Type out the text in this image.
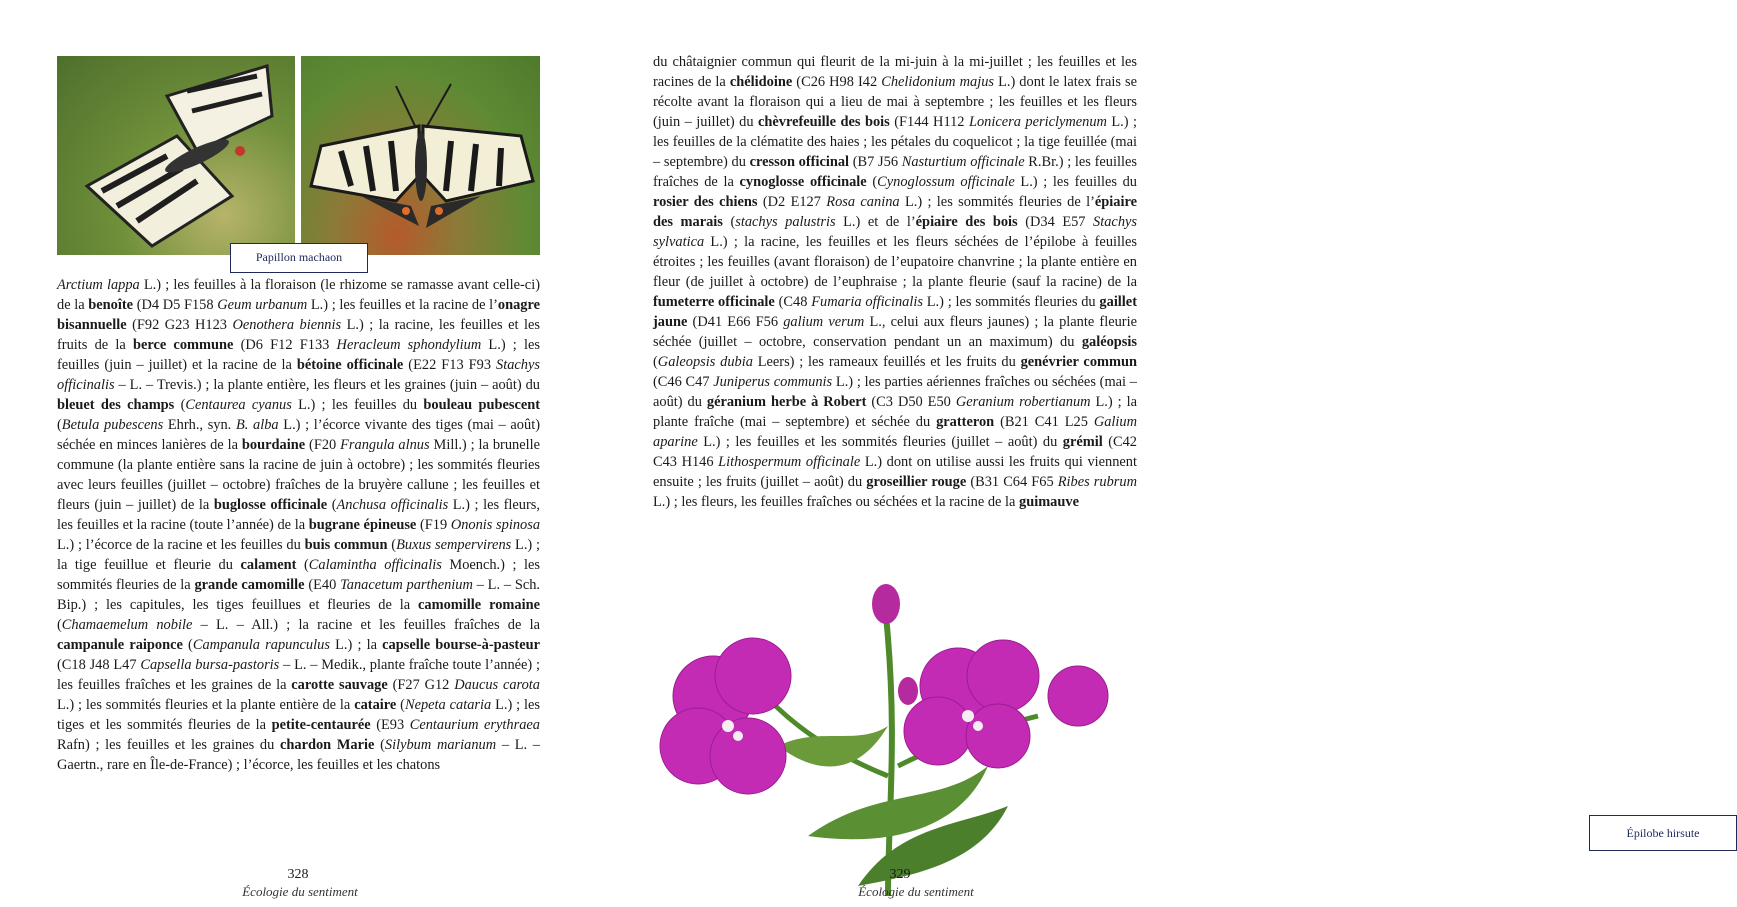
Papillon machaon
Arctium lappa L.) ; les feuilles à la floraison (le rhizome se ramasse avant celle-ci) de la benoîte (D4 D5 F158 Geum urbanum L.) ; les feuilles et la racine de l’onagre bisannuelle (F92 G23 H123 Oenothera biennis L.) ; la racine, les feuilles et les fruits de la berce commune (D6 F12 F133 Heracleum sphondylium L.) ; les feuilles (juin – juillet) et la racine de la bétoine officinale (E22 F13 F93 Stachys officinalis – L. – Trevis.) ; la plante entière, les fleurs et les graines (juin – août) du bleuet des champs (Centaurea cyanus L.) ; les feuilles du bouleau pubescent (Betula pubescens Ehrh., syn. B. alba L.) ; l’écorce vivante des tiges (mai – août) séchée en minces lanières de la bourdaine (F20 Frangula alnus Mill.) ; la brunelle commune (la plante entière sans la racine de juin à octobre) ; les sommités fleuries avec leurs feuilles (juillet – octobre) fraîches de la bruyère callune ; les feuilles et fleurs (juin – juillet) de la buglosse officinale (Anchusa officinalis L.) ; les fleurs, les feuilles et la racine (toute l’année) de la bugrane épineuse (F19 Ononis spinosa L.) ; l’écorce de la racine et les feuilles du buis commun (Buxus sempervirens L.) ; la tige feuillue et fleurie du calament (Calamintha officinalis Moench.) ; les sommités fleuries de la grande camomille (E40 Tanacetum parthenium – L. – Sch. Bip.) ; les capitules, les tiges feuillues et fleuries de la camomille romaine (Chamaemelum nobile – L. – All.) ; la racine et les feuilles fraîches de la campanule raiponce (Campanula rapunculus L.) ; la capselle bourse-à-pasteur (C18 J48 L47 Capsella bursa-pastoris – L. – Medik., plante fraîche toute l’année) ; les feuilles fraîches et les graines de la carotte sauvage (F27 G12 Daucus carota L.) ; les sommités fleuries et la plante entière de la cataire (Nepeta cataria L.) ; les tiges et les sommités fleuries de la petite-centaurée (E93 Centaurium erythraea Rafn) ; les feuilles et les graines du chardon Marie (Silybum marianum – L. – Gaertn., rare en Île-de-France) ; l’écorce, les feuilles et les chatons
328
Écologie du sentiment
du châtaignier commun qui fleurit de la mi-juin à la mi-juillet ; les feuilles et les racines de la chélidoine (C26 H98 I42 Chelidonium majus L.) dont le latex frais se récolte avant la floraison qui a lieu de mai à septembre ; les feuilles et les fleurs (juin – juillet) du chèvrefeuille des bois (F144 H112 Lonicera periclymenum L.) ; les feuilles de la clématite des haies ; les pétales du coquelicot ; la tige feuillée (mai – septembre) du cresson officinal (B7 J56 Nasturtium officinale R.Br.) ; les feuilles fraîches de la cynoglosse officinale (Cynoglossum officinale L.) ; les feuilles du rosier des chiens (D2 E127 Rosa canina L.) ; les sommités fleuries de l’épiaire des marais (stachys palustris L.) et de l’épiaire des bois (D34 E57 Stachys sylvatica L.) ; la racine, les feuilles et les fleurs séchées de l’épilobe à feuilles étroites ; les feuilles (avant floraison) de l’eupatoire chanvrine ; la plante entière en fleur (de juillet à octobre) de l’euphraise ; la plante fleurie (sauf la racine) de la fumeterre officinale (C48 Fumaria officinalis L.) ; les sommités fleuries du gaillet jaune (D41 E66 F56 galium verum L., celui aux fleurs jaunes) ; la plante fleurie séchée (juillet – octobre, conservation pendant un an maximum) du galéopsis (Galeopsis dubia Leers) ; les rameaux feuillés et les fruits du genévrier commun (C46 C47 Juniperus communis L.) ; les parties aériennes fraîches ou séchées (mai – août) du géranium herbe à Robert (C3 D50 E50 Geranium robertianum L.) ; la plante fraîche (mai – septembre) et séchée du gratteron (B21 C41 L25 Galium aparine L.) ; les feuilles et les sommités fleuries (juillet – août) du grémil (C42 C43 H146 Lithospermum officinale L.) dont on utilise aussi les fruits qui viennent ensuite ; les fruits (juillet – août) du groseillier rouge (B31 C64 F65 Ribes rubrum L.) ; les fleurs, les feuilles fraîches ou séchées et la racine de la guimauve
Épilobe hirsute
329
Écologie du sentiment
